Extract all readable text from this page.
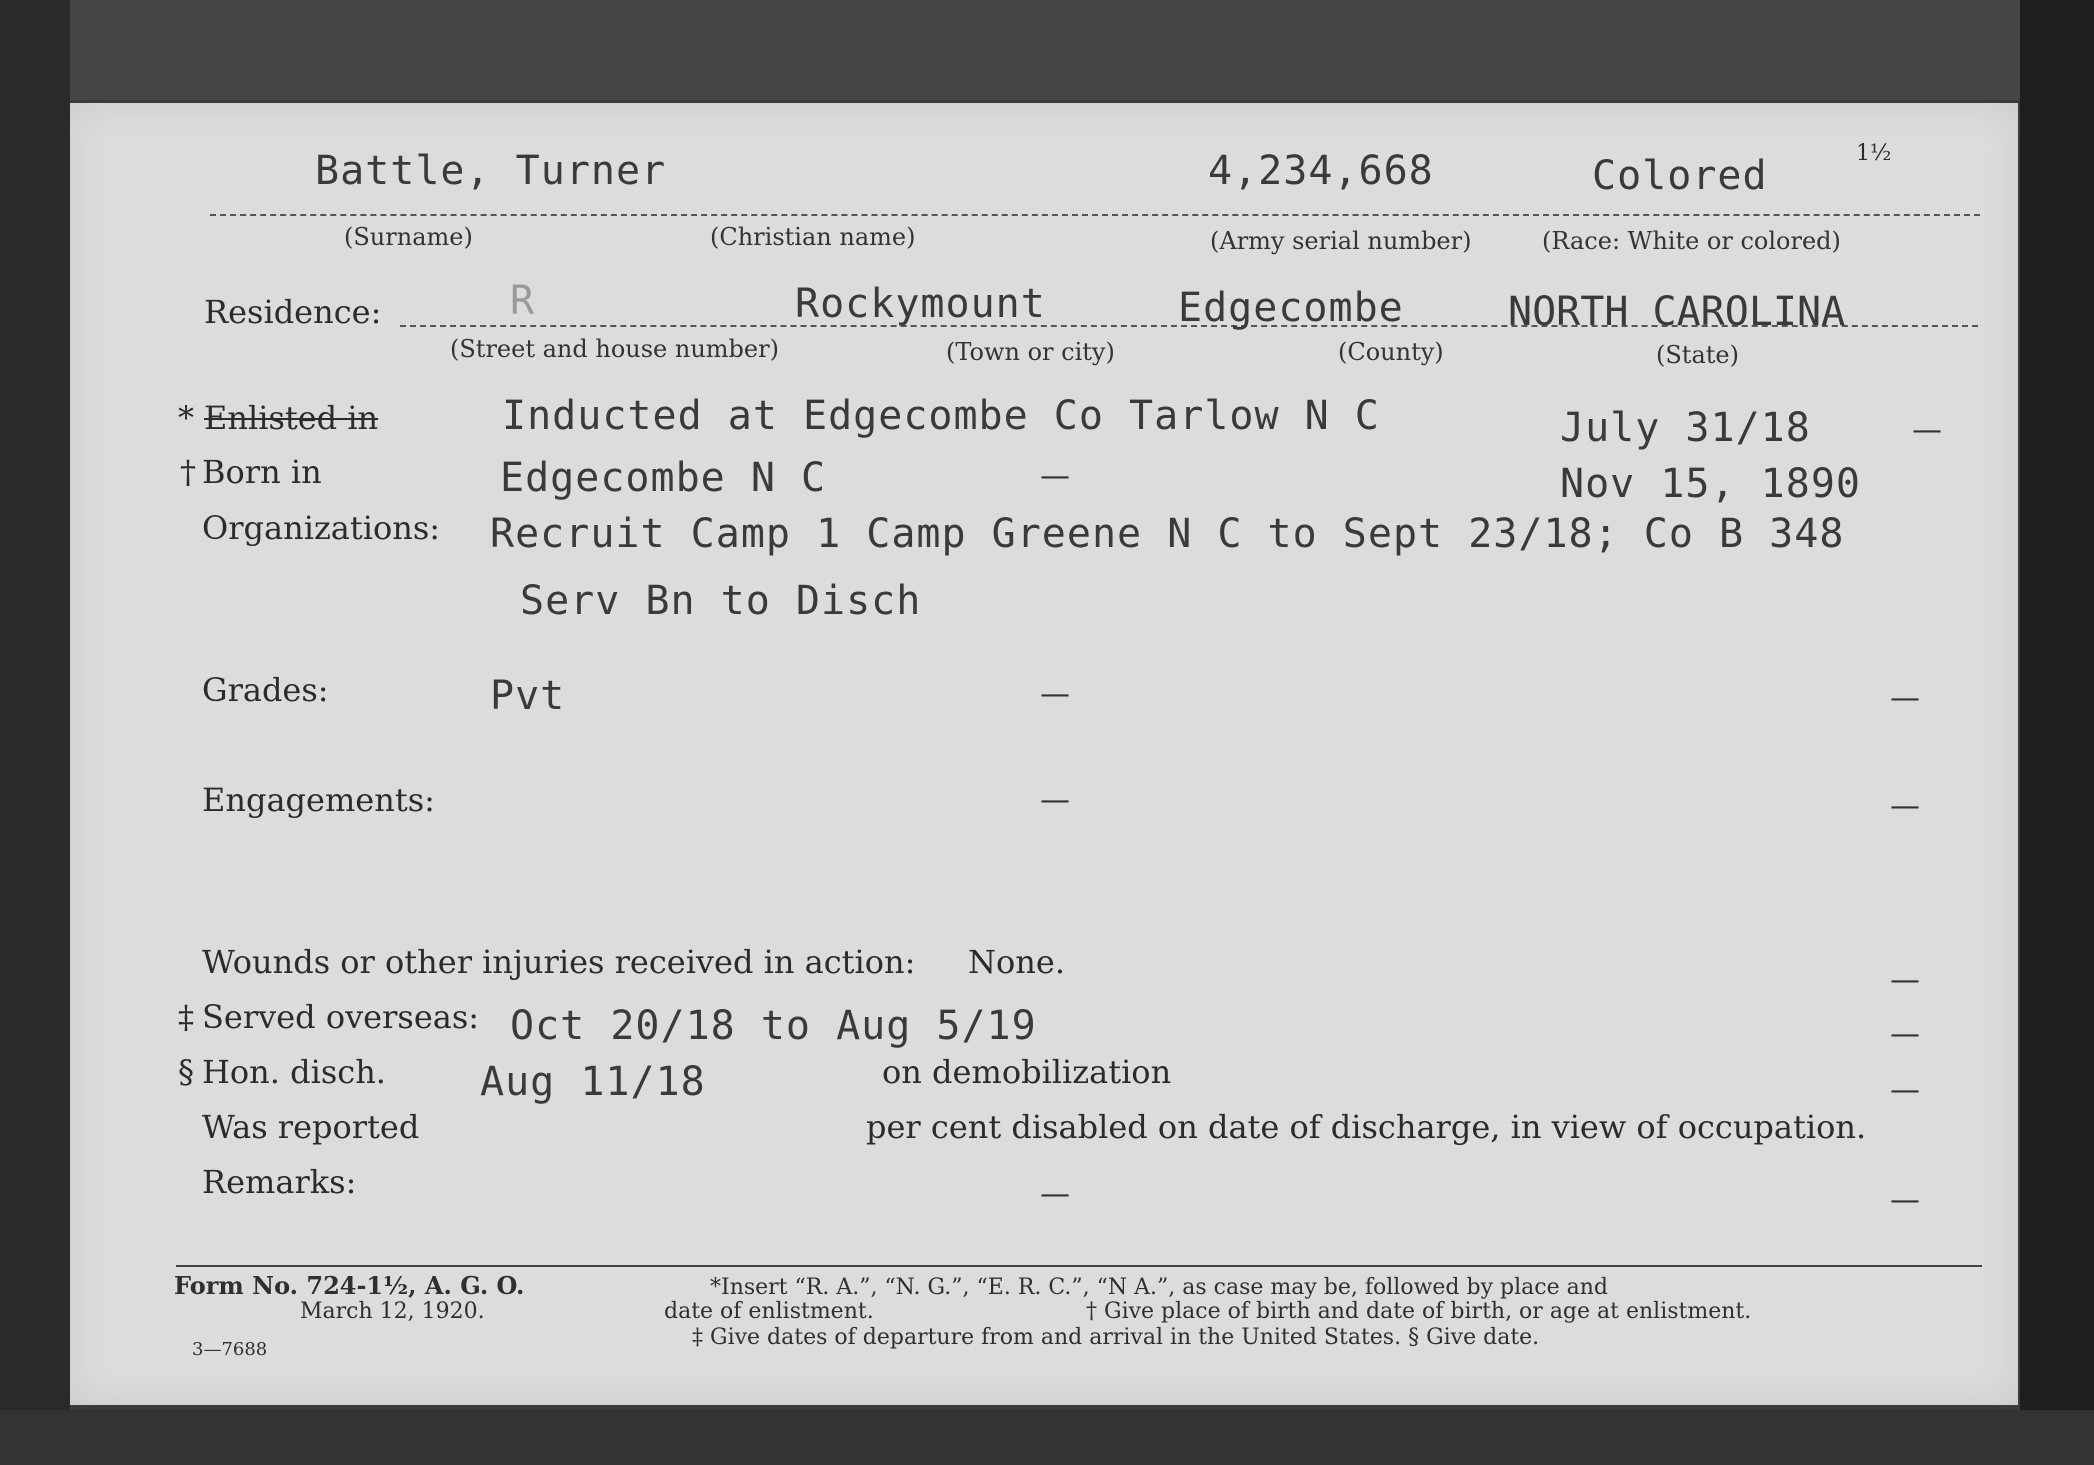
Battle, Turner	4,234,668	Colored	1½
(Surname)	(Christian name)	(Army serial number)	(Race: White or colored)
Residence:	R	Rockymount	Edgecombe	NORTH CAROLINA
(Street and house number)	(Town or city)	(County)	(State)
* Enlisted in	Inducted at Edgecombe Co Tarlow N C	July 31/18	—
† Born in	Edgecombe N C	—	Nov 15, 1890
Organizations: Recruit Camp 1 Camp Greene N C to Sept 23/18; Co B 348
Serv Bn to Disch
Grades:	Pvt	—	—
Engagements:	—	—
Wounds or other injuries received in action: None.	—
‡ Served overseas: Oct 20/18 to Aug 5/19	—
§ Hon. disch. Aug 11/18	on demobilization	—
Was reported	per cent disabled on date of discharge, in view of occupation.
Remarks:	—	—
Form No. 724-1½, A. G. O.
March 12, 1920.
3—7688
*Insert “R. A.”, “N. G.”, “E. R. C.”, “N A.”, as case may be, followed by place and
date of enlistment.	† Give place of birth and date of birth, or age at enlistment.
‡ Give dates of departure from and arrival in the United States. § Give date.
